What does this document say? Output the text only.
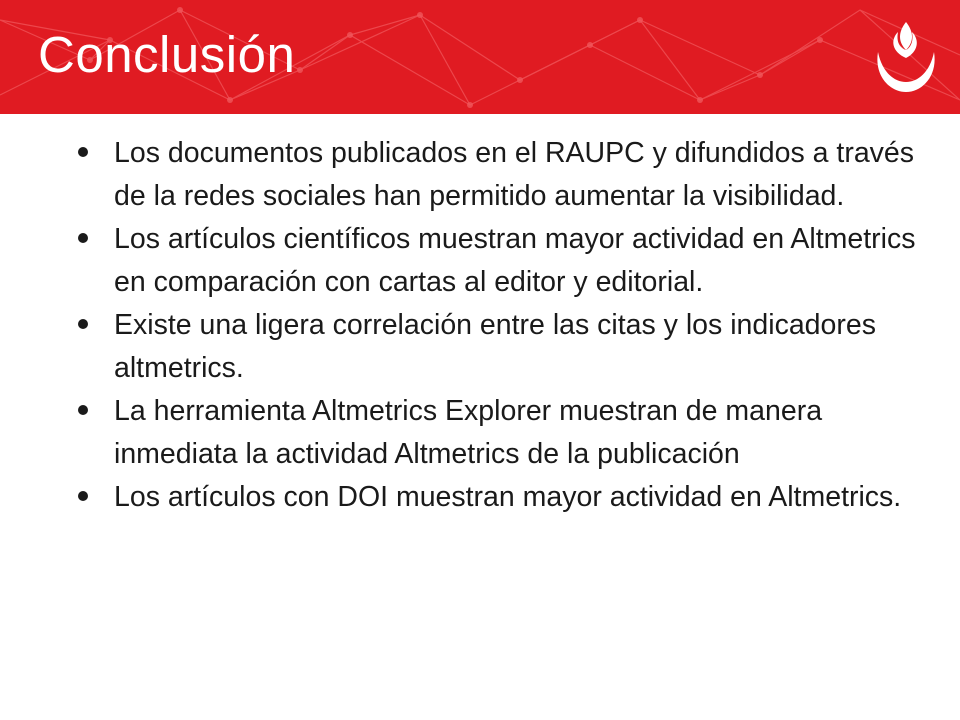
Conclusión
Los documentos publicados en el RAUPC y difundidos a través de la redes sociales han permitido aumentar la visibilidad.
Los artículos científicos muestran mayor actividad en Altmetrics en comparación con cartas al editor y editorial.
Existe una ligera correlación entre las citas y los indicadores altmetrics.
La herramienta Altmetrics Explorer muestran de manera inmediata la actividad Altmetrics de la publicación
Los artículos con DOI muestran mayor actividad en Altmetrics.
